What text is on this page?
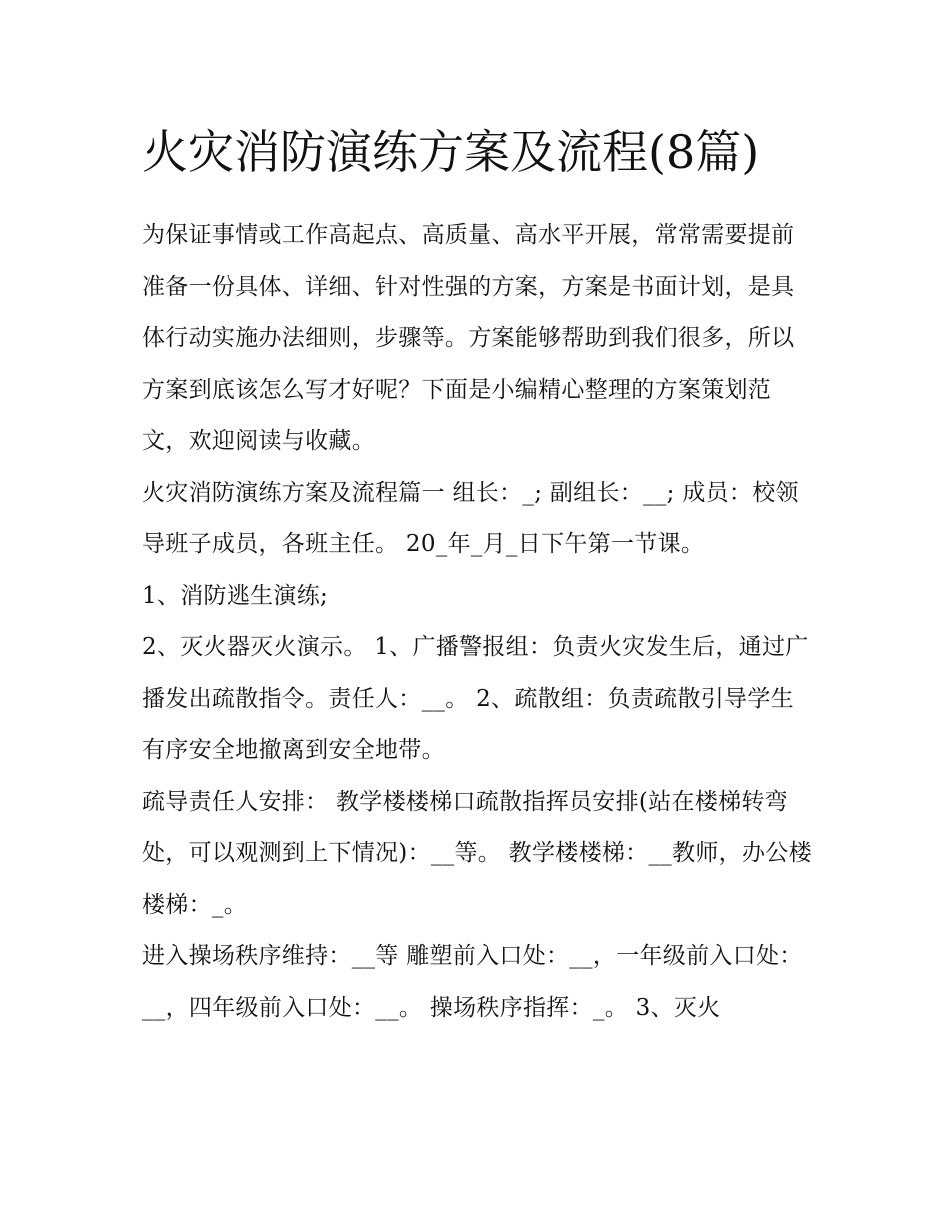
火灾消防演练方案及流程(8篇)

为保证事情或工作高起点、高质量、高水平开展，常常需要提前准备一份具体、详细、针对性强的方案，方案是书面计划，是具体行动实施办法细则，步骤等。方案能够帮助到我们很多，所以方案到底该怎么写才好呢？下面是小编精心整理的方案策划范文，欢迎阅读与收藏。

火灾消防演练方案及流程篇一 组长：_; 副组长：__; 成员：校领导班子成员，各班主任。 20_年_月_日下午第一节课。

1、消防逃生演练;

2、灭火器灭火演示。 1、广播警报组：负责火灾发生后，通过广播发出疏散指令。责任人：__。 2、疏散组：负责疏散引导学生有序安全地撤离到安全地带。

疏导责任人安排： 教学楼楼梯口疏散指挥员安排(站在楼梯转弯处，可以观测到上下情况)：__等。 教学楼楼梯：__教师，办公楼楼梯：_。

进入操场秩序维持：__等 雕塑前入口处：__，一年级前入口处：__，四年级前入口处：__。 操场秩序指挥：_。 3、灭火
